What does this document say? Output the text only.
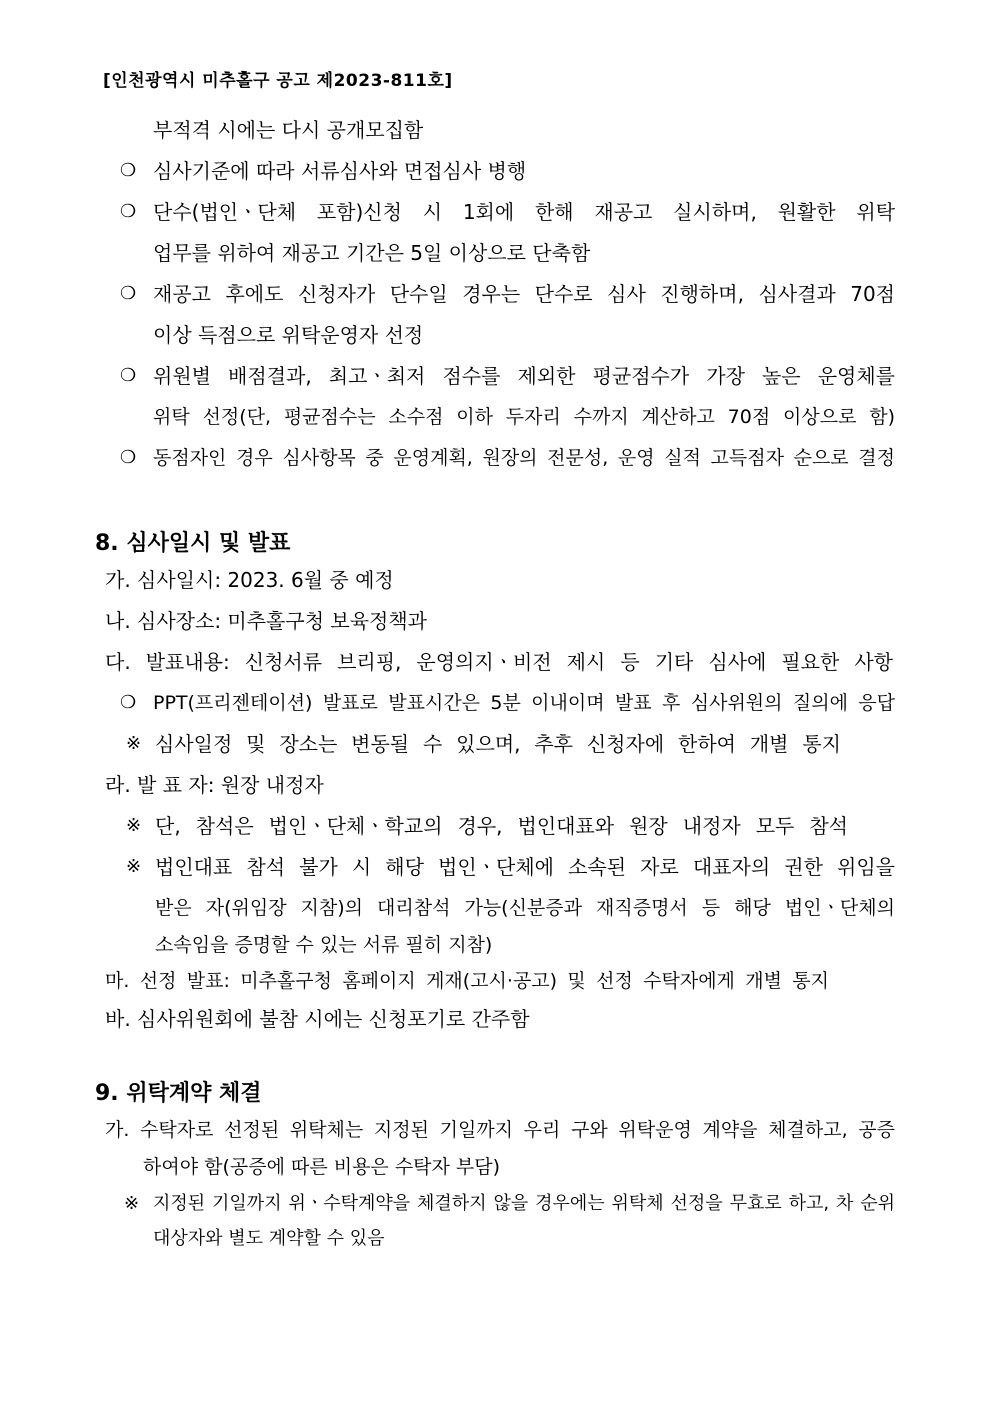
[인천광역시 미추홀구 공고 제2023-811호]
부적격 시에는 다시 공개모집함
❍ 심사기준에 따라 서류심사와 면접심사 병행
❍ 단수(법인ㆍ단체 포함)신청 시 1회에 한해 재공고 실시하며, 원활한 위탁
업무를 위하여 재공고 기간은 5일 이상으로 단축함
❍ 재공고 후에도 신청자가 단수일 경우는 단수로 심사 진행하며, 심사결과 70점
이상 득점으로 위탁운영자 선정
❍ 위원별 배점결과, 최고ㆍ최저 점수를 제외한 평균점수가 가장 높은 운영체를
위탁 선정(단, 평균점수는 소수점 이하 두자리 수까지 계산하고 70점 이상으로 함)
❍ 동점자인 경우 심사항목 중 운영계획, 원장의 전문성, 운영 실적 고득점자 순으로 결정
8. 심사일시 및 발표
가. 심사일시: 2023. 6월 중 예정
나. 심사장소: 미추홀구청 보육정책과
다. 발표내용: 신청서류 브리핑, 운영의지ㆍ비전 제시 등 기타 심사에 필요한 사항
❍ PPT(프리젠테이션) 발표로 발표시간은 5분 이내이며 발표 후 심사위원의 질의에 응답
※ 심사일정 및 장소는 변동될 수 있으며, 추후 신청자에 한하여 개별 통지
라. 발 표 자: 원장 내정자
※ 단, 참석은 법인ㆍ단체ㆍ학교의 경우, 법인대표와 원장 내정자 모두 참석
※ 법인대표 참석 불가 시 해당 법인ㆍ단체에 소속된 자로 대표자의 권한 위임을
받은 자(위임장 지참)의 대리참석 가능(신분증과 재직증명서 등 해당 법인ㆍ단체의
소속임을 증명할 수 있는 서류 필히 지참)
마. 선정 발표: 미추홀구청 홈페이지 게재(고시·공고) 및 선정 수탁자에게 개별 통지
바. 심사위원회에 불참 시에는 신청포기로 간주함
9. 위탁계약 체결
가. 수탁자로 선정된 위탁체는 지정된 기일까지 우리 구와 위탁운영 계약을 체결하고, 공증
하여야 함(공증에 따른 비용은 수탁자 부담)
※ 지정된 기일까지 위ㆍ수탁계약을 체결하지 않을 경우에는 위탁체 선정을 무효로 하고, 차 순위
대상자와 별도 계약할 수 있음
